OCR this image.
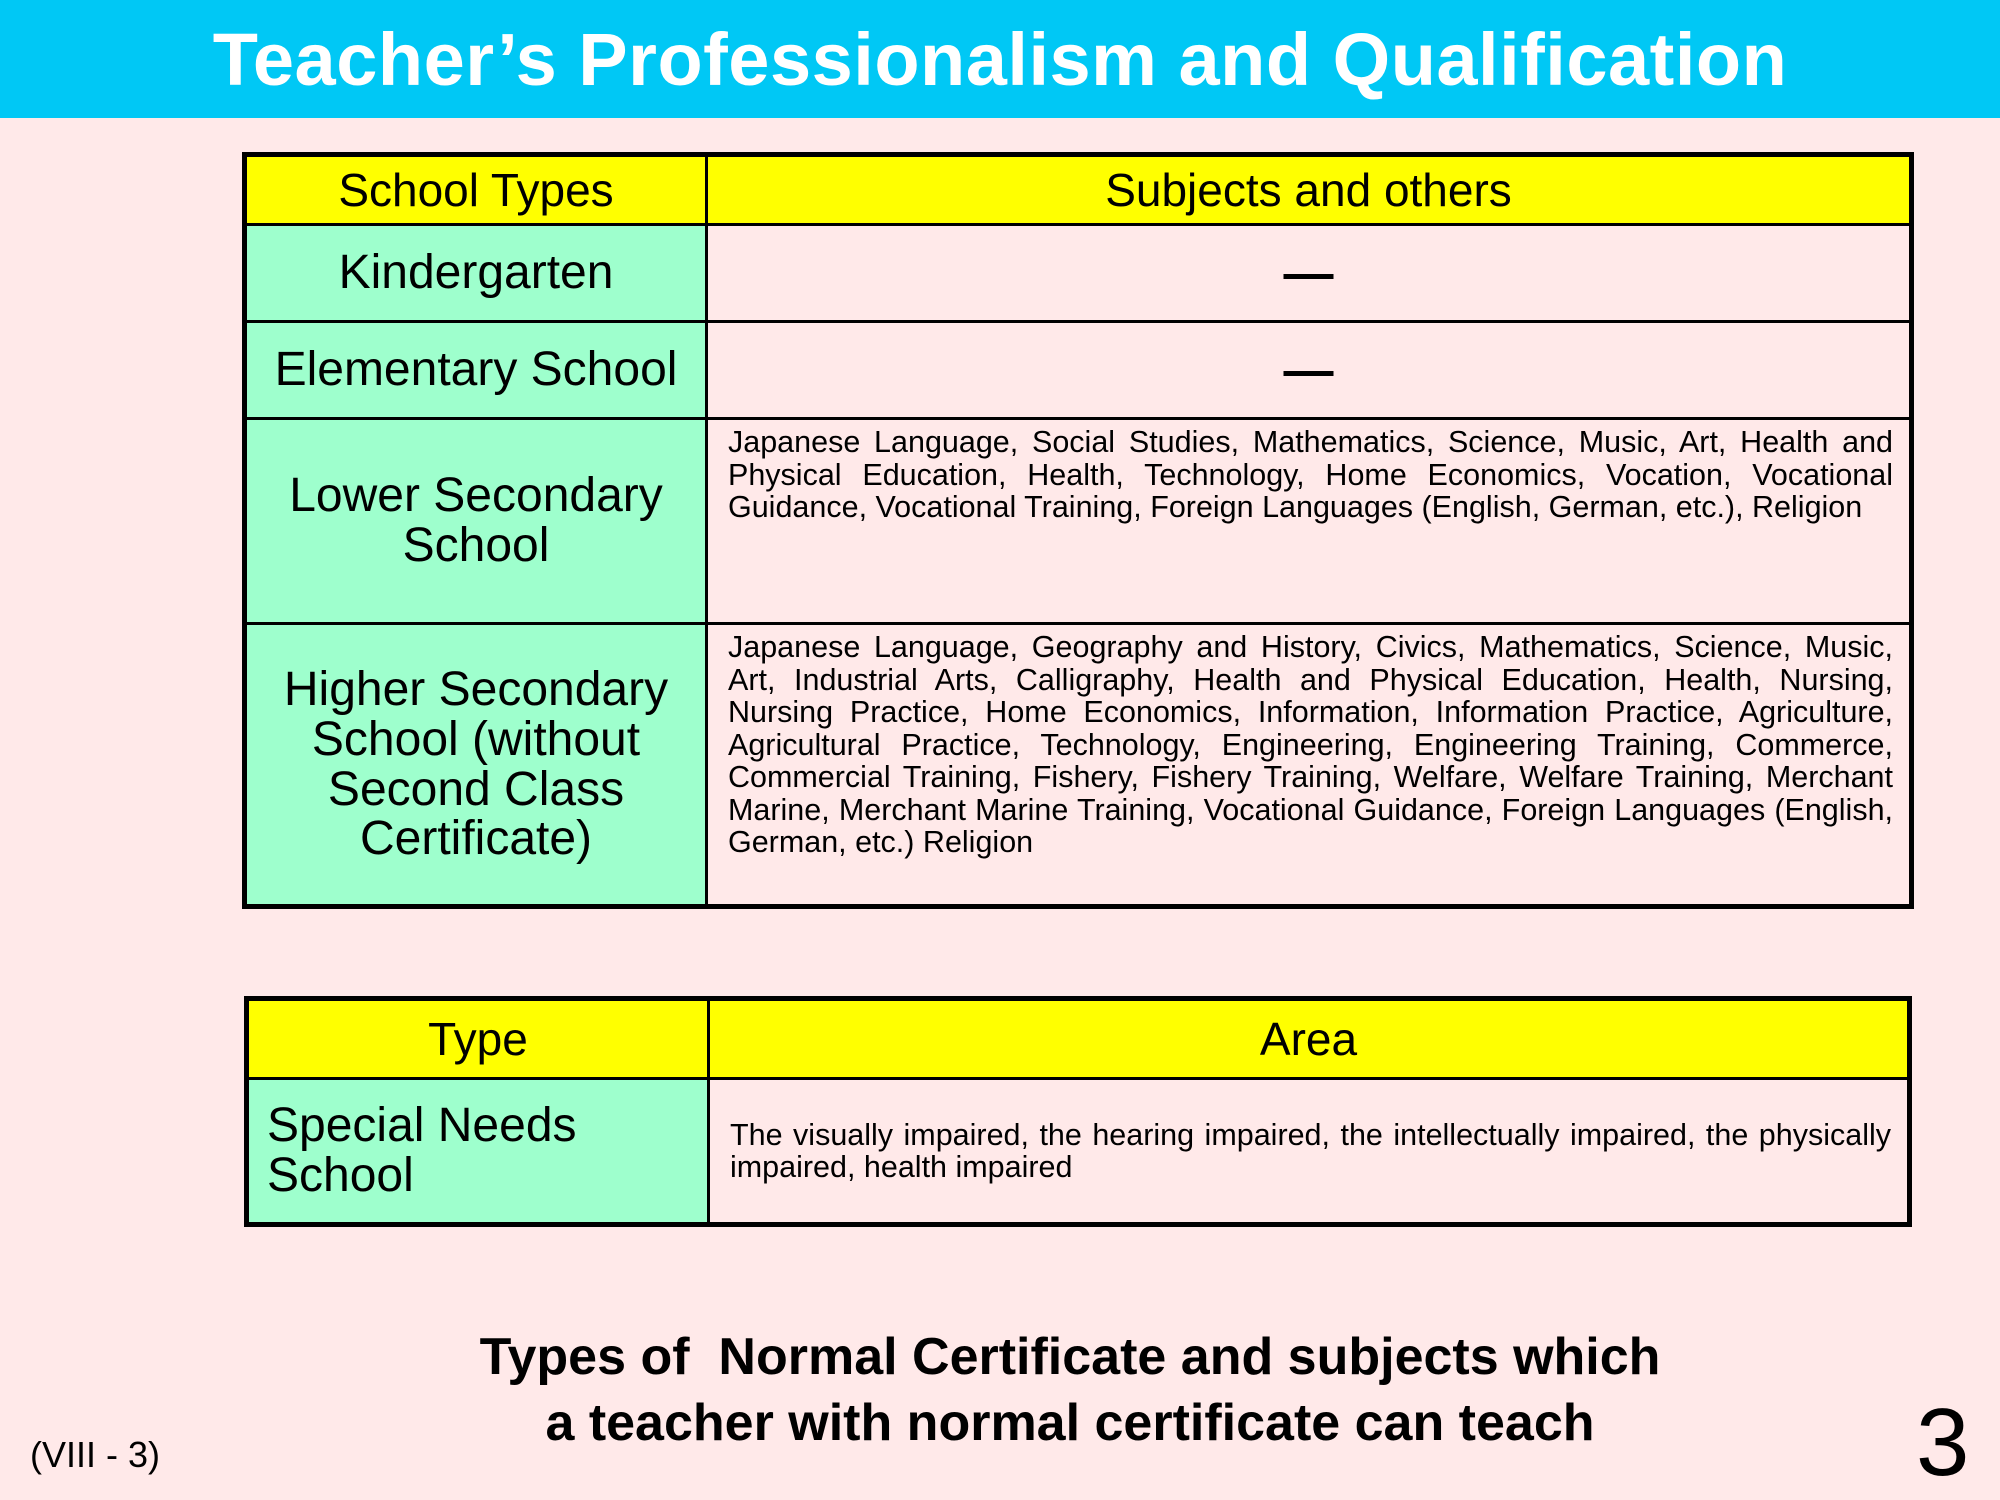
Teacher’s Professionalism and Qualification
School Types	Subjects and others
Kindergarten	—
Elementary School	—
Lower Secondary School	Japanese Language, Social Studies, Mathematics, Science, Music, Art, Health and Physical Education, Health, Technology, Home Economics, Vocation, Vocational Guidance, Vocational Training, Foreign Languages (English, German, etc.), Religion

Higher Secondary School (without Second Class Certificate)	Japanese Language, Geography and History, Civics, Mathematics, Science, Music, Art, Industrial Arts, Calligraphy, Health and Physical Education, Health, Nursing, Nursing Practice, Home Economics, Information, Information Practice, Agriculture, Agricultural Practice, Technology, Engineering, Engineering Training, Commerce, Commercial Training, Fishery, Fishery Training, Welfare, Welfare Training, Merchant Marine, Merchant Marine Training, Vocational Guidance, Foreign Languages (English, German, etc.) Religion
Type	Area
Special Needs School	The visually impaired, the hearing impaired, the intellectually impaired, the physically impaired, health impaired
Types of  Normal Certificate and subjects which
a teacher with normal certificate can teach
(VIII - 3)	3
